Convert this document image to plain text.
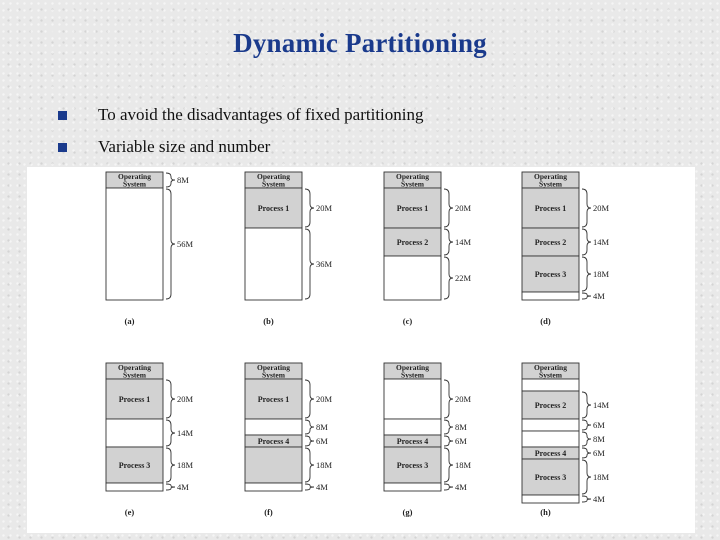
Dynamic Partitioning
To avoid the disadvantages of fixed partitioning
Variable size and number
Operating
System	8M
56M
(a)
Operating
System
Process 1	20M
36M
(b)
Operating
System
Process 1	20M
Process 2	14M
22M
(c)
Operating
System
Process 1	20M
Process 2	14M
Process 3	18M
4M
(d)
Operating
System
Process 1	20M
14M
Process 3	18M
4M
(e)
Operating
System
Process 1	20M
8M
Process 4	6M
18M
4M
(f)
Operating
System
20M
8M
Process 4	6M
Process 3	18M
4M
(g)
Operating
System
Process 2	14M
6M
8M
Process 4	6M
Process 3	18M
4M
(h)
